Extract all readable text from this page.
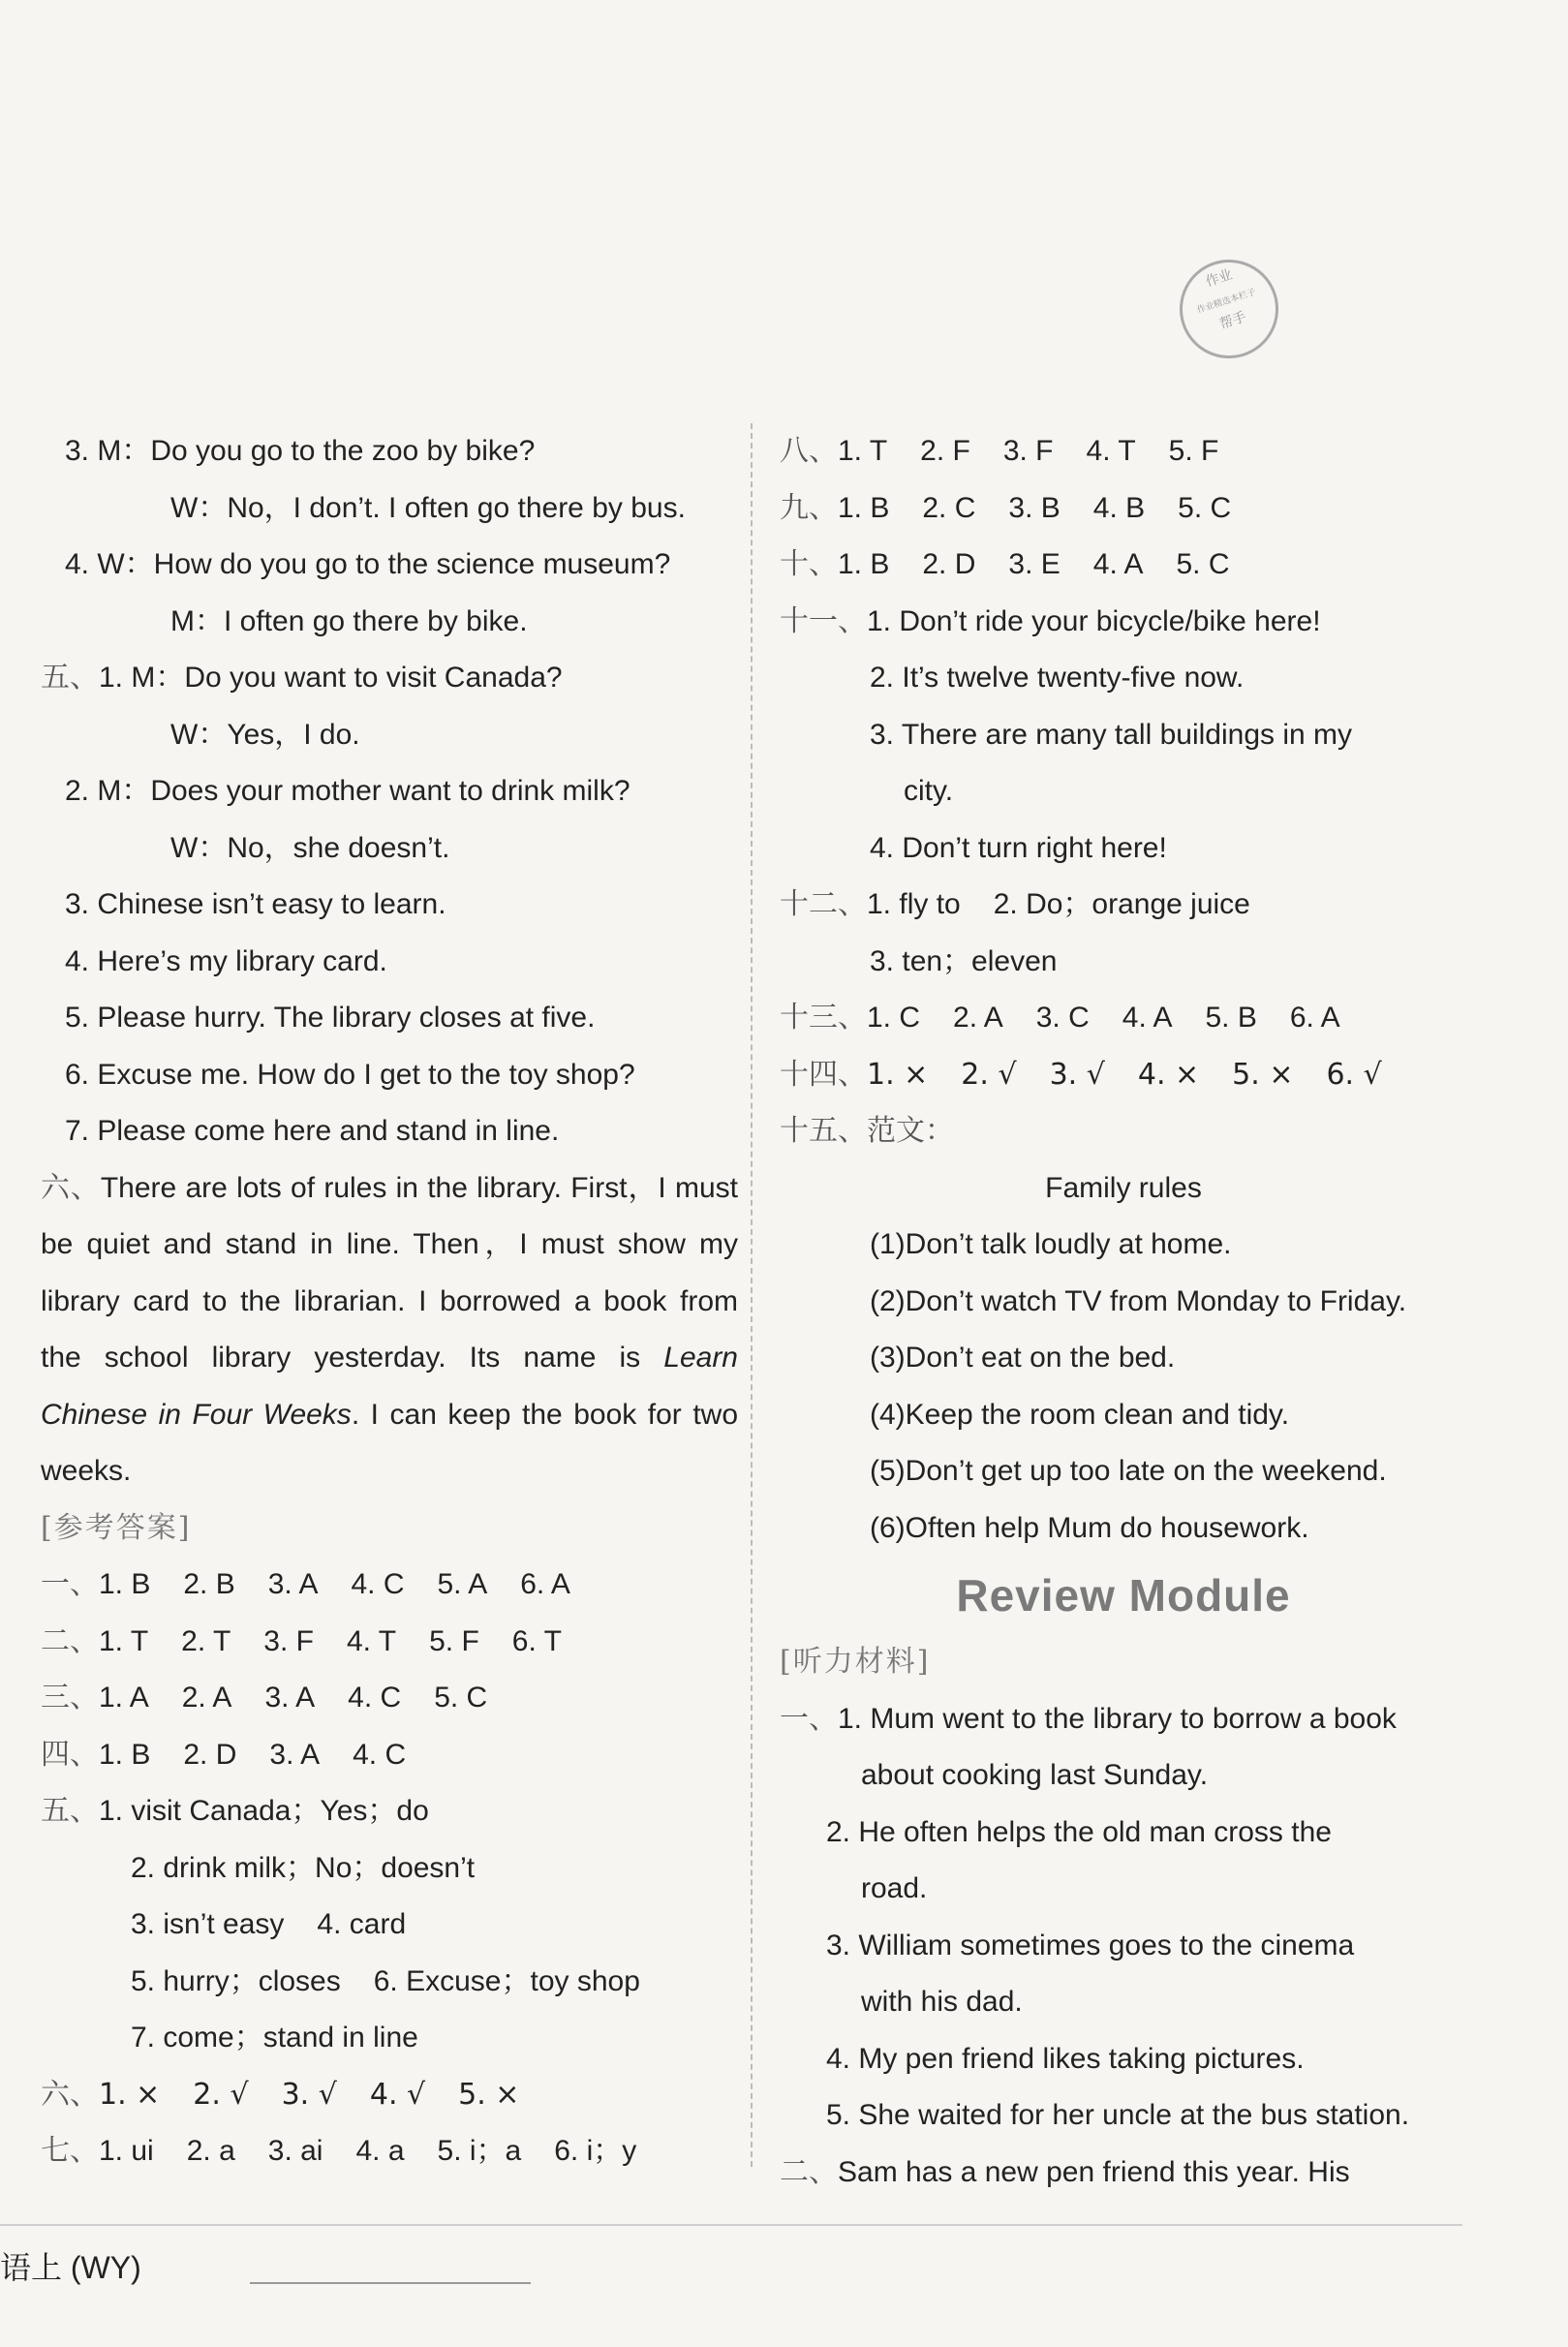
作业
作业精选本栏子
帮手
3. M：Do you go to the zoo by bike?
W：No，I don’t. I often go there by bus.
4. W：How do you go to the science museum?
M：I often go there by bike.
五、1. M：Do you want to visit Canada?
W：Yes，I do.
2. M：Does your mother want to drink milk?
W：No，she doesn’t.
3. Chinese isn’t easy to learn.
4. Here’s my library card.
5. Please hurry. The library closes at five.
6. Excuse me. How do I get to the toy shop?
7. Please come here and stand in line.
六、There are lots of rules in the library. First，I must be quiet and stand in line. Then，I must show my library card to the librarian. I borrowed a book from the school library yesterday. Its name is Learn Chinese in Four Weeks. I can keep the book for two weeks.
[参考答案]
一、1. B 2. B 3. A 4. C 5. A 6. A
二、1. T 2. T 3. F 4. T 5. F 6. T
三、1. A 2. A 3. A 4. C 5. C
四、1. B 2. D 3. A 4. C
五、1. visit Canada；Yes；do
2. drink milk；No；doesn’t
3. isn’t easy 4. card
5. hurry；closes 6. Excuse；toy shop
7. come；stand in line
六、1. × 2. √ 3. √ 4. √ 5. ×
七、1. ui 2. a 3. ai 4. a 5. i；a 6. i；y
八、1. T 2. F 3. F 4. T 5. F
九、1. B 2. C 3. B 4. B 5. C
十、1. B 2. D 3. E 4. A 5. C
十一、1. Don’t ride your bicycle/bike here!
2. It’s twelve twenty-five now.
3. There are many tall buildings in my
city.
4. Don’t turn right here!
十二、1. fly to 2. Do；orange juice
3. ten；eleven
十三、1. C 2. A 3. C 4. A 5. B 6. A
十四、1. × 2. √ 3. √ 4. × 5. × 6. √
十五、范文：
Family rules
(1)Don’t talk loudly at home.
(2)Don’t watch TV from Monday to Friday.
(3)Don’t eat on the bed.
(4)Keep the room clean and tidy.
(5)Don’t get up too late on the weekend.
(6)Often help Mum do housework.
Review Module
[听力材料]
一、1. Mum went to the library to borrow a book
about cooking last Sunday.
2. He often helps the old man cross the
road.
3. William sometimes goes to the cinema
with his dad.
4. My pen friend likes taking pictures.
5. She waited for her uncle at the bus station.
二、Sam has a new pen friend this year. His
语上 (WY)
